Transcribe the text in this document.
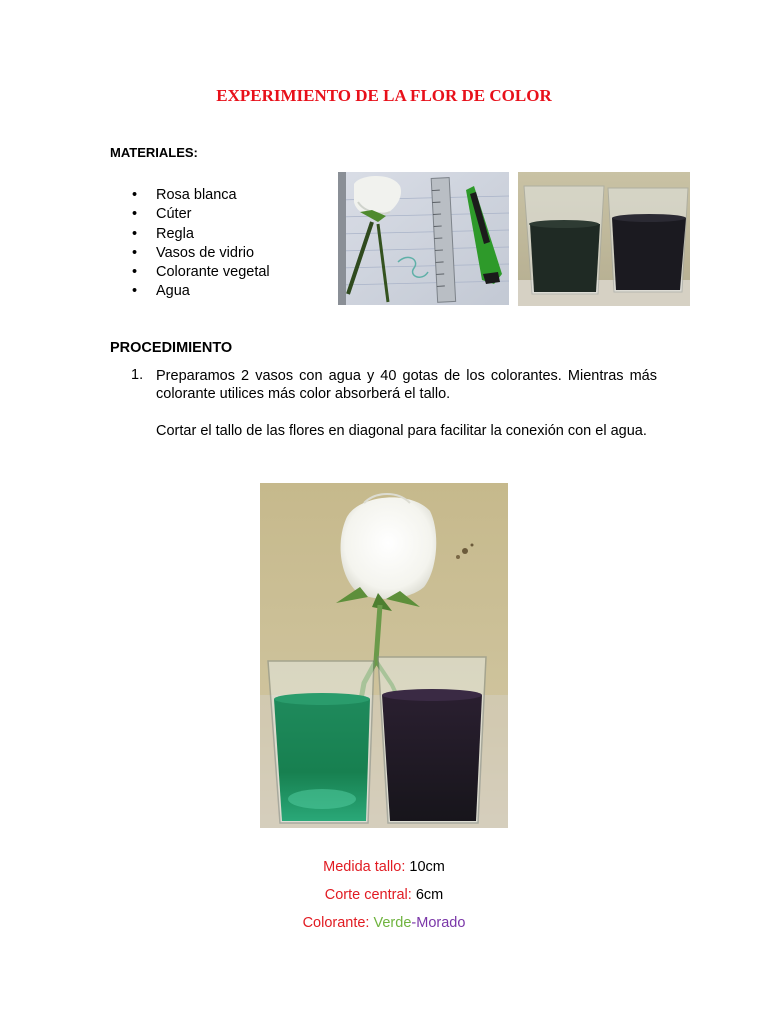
EXPERIMIENTO DE LA FLOR DE COLOR
MATERIALES:
• Rosa blanca
• Cúter
• Regla
• Vasos de vidrio
• Colorante vegetal
• Agua
PROCEDIMIENTO
1. Preparamos 2 vasos con agua y 40 gotas de los colorantes. Mientras más colorante utilices más color absorberá el tallo.
Cortar el tallo de las flores en diagonal para facilitar la conexión con el agua.
Medida tallo: 10cm
Corte central: 6cm
Colorante: Verde-Morado
